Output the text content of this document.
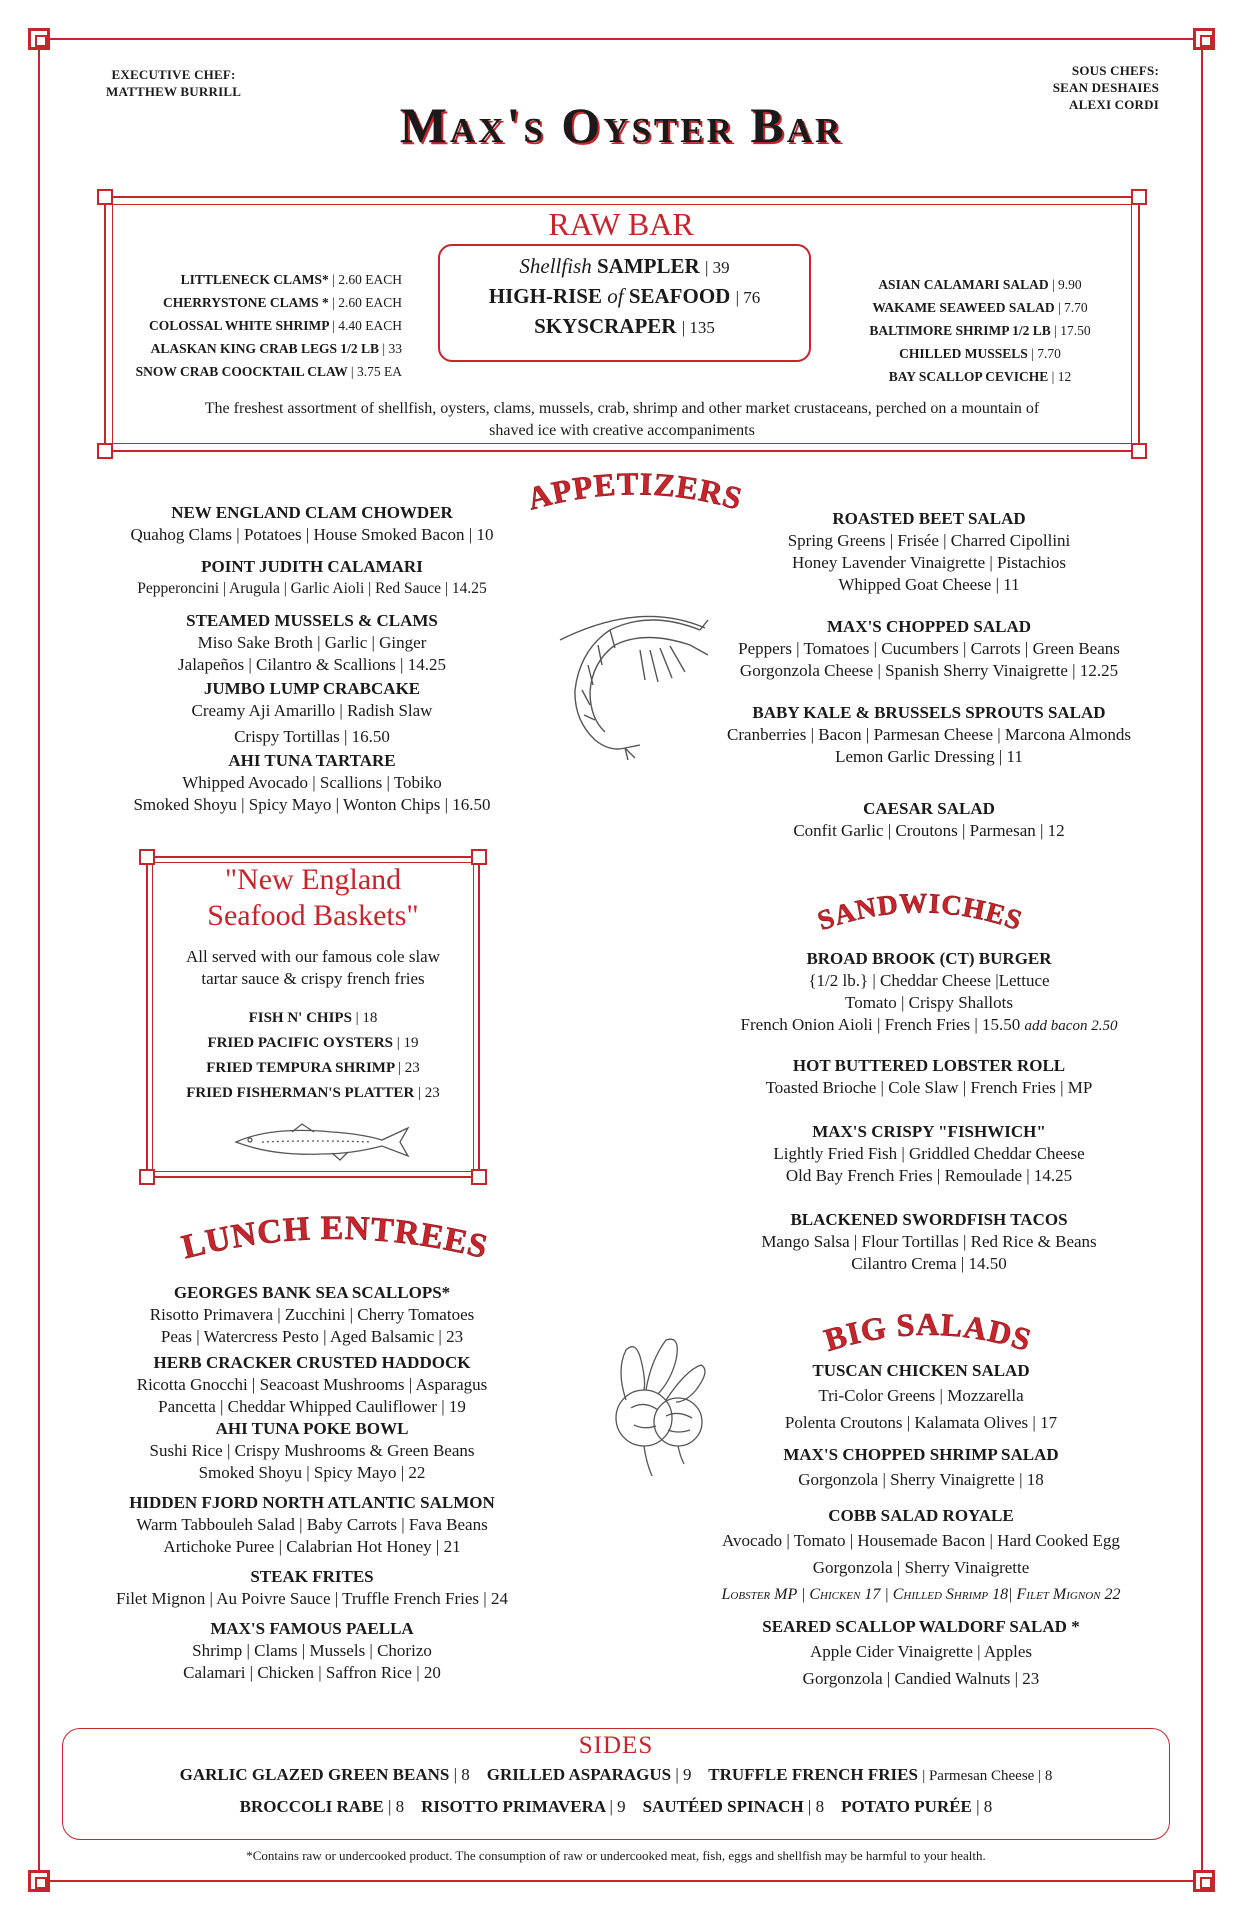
EXECUTIVE CHEF:
MATTHEW BURRILL
SOUS CHEFS:
SEAN DESHAIES
ALEXI CORDI
Max's Oyster Bar
RAW BAR
LITTLENECK CLAMS* | 2.60 EACH
CHERRYSTONE CLAMS * | 2.60 EACH
COLOSSAL WHITE SHRIMP | 4.40 EACH
ALASKAN KING CRAB LEGS 1/2 LB | 33
SNOW CRAB COOCKTAIL CLAW | 3.75 EA
Shellfish SAMPLER | 39
HIGH-RISE of SEAFOOD | 76
SKYSCRAPER | 135
ASIAN CALAMARI SALAD | 9.90
WAKAME SEAWEED SALAD | 7.70
BALTIMORE SHRIMP 1/2 LB | 17.50
CHILLED MUSSELS | 7.70
BAY SCALLOP CEVICHE | 12
The freshest assortment of shellfish, oysters, clams, mussels, crab, shrimp and other market crustaceans, perched on a mountain of
shaved ice with creative accompaniments
APPETIZERS
NEW ENGLAND CLAM CHOWDER
Quahog Clams | Potatoes | House Smoked Bacon | 10
POINT JUDITH CALAMARI
Pepperoncini | Arugula | Garlic Aioli | Red Sauce | 14.25
STEAMED MUSSELS & CLAMS
Miso Sake Broth | Garlic | Ginger
Jalapeños | Cilantro & Scallions | 14.25
JUMBO LUMP CRABCAKE
Creamy Aji Amarillo | Radish Slaw
Crispy Tortillas | 16.50
AHI TUNA TARTARE
Whipped Avocado | Scallions | Tobiko
Smoked Shoyu | Spicy Mayo | Wonton Chips | 16.50
ROASTED BEET SALAD
Spring Greens | Frisée | Charred Cipollini
Honey Lavender Vinaigrette | Pistachios
Whipped Goat Cheese | 11
MAX'S CHOPPED SALAD
Peppers | Tomatoes | Cucumbers | Carrots | Green Beans
Gorgonzola Cheese | Spanish Sherry Vinaigrette | 12.25
BABY KALE & BRUSSELS SPROUTS SALAD
Cranberries | Bacon | Parmesan Cheese | Marcona Almonds
Lemon Garlic Dressing | 11
CAESAR SALAD
Confit Garlic | Croutons | Parmesan | 12
"New England
Seafood Baskets"
All served with our famous cole slaw
tartar sauce & crispy french fries
FISH N' CHIPS | 18
FRIED PACIFIC OYSTERS | 19
FRIED TEMPURA SHRIMP | 23
FRIED FISHERMAN'S PLATTER | 23
SANDWICHES
BROAD BROOK (CT) BURGER
{1/2 lb.} | Cheddar Cheese |Lettuce
Tomato | Crispy Shallots
French Onion Aioli | French Fries | 15.50 add bacon 2.50
HOT BUTTERED LOBSTER ROLL
Toasted Brioche | Cole Slaw | French Fries | MP
MAX'S CRISPY "FISHWICH"
Lightly Fried Fish | Griddled Cheddar Cheese
Old Bay French Fries | Remoulade | 14.25
BLACKENED SWORDFISH TACOS
Mango Salsa | Flour Tortillas | Red Rice & Beans
Cilantro Crema | 14.50
LUNCH ENTREES
GEORGES BANK SEA SCALLOPS*
Risotto Primavera | Zucchini | Cherry Tomatoes
Peas | Watercress Pesto | Aged Balsamic | 23
HERB CRACKER CRUSTED HADDOCK
Ricotta Gnocchi | Seacoast Mushrooms | Asparagus
Pancetta | Cheddar Whipped Cauliflower | 19
AHI TUNA POKE BOWL
Sushi Rice | Crispy Mushrooms & Green Beans
Smoked Shoyu | Spicy Mayo | 22
HIDDEN FJORD NORTH ATLANTIC SALMON
Warm Tabbouleh Salad | Baby Carrots | Fava Beans
Artichoke Puree | Calabrian Hot Honey | 21
STEAK FRITES
Filet Mignon | Au Poivre Sauce | Truffle French Fries | 24
MAX'S FAMOUS PAELLA
Shrimp | Clams | Mussels | Chorizo
Calamari | Chicken | Saffron Rice | 20
BIG SALADS
TUSCAN CHICKEN SALAD
Tri-Color Greens | Mozzarella
Polenta Croutons | Kalamata Olives | 17
MAX'S CHOPPED SHRIMP SALAD
Gorgonzola | Sherry Vinaigrette | 18
COBB SALAD ROYALE
Avocado | Tomato | Housemade Bacon | Hard Cooked Egg
Gorgonzola | Sherry Vinaigrette
Lobster MP | Chicken 17 | Chilled Shrimp 18| Filet Mignon 22
SEARED SCALLOP WALDORF SALAD *
Apple Cider Vinaigrette | Apples
Gorgonzola | Candied Walnuts | 23
SIDES
GARLIC GLAZED GREEN BEANS | 8 GRILLED ASPARAGUS | 9 TRUFFLE FRENCH FRIES | Parmesan Cheese | 8
BROCCOLI RABE | 8 RISOTTO PRIMAVERA | 9 SAUTÉED SPINACH | 8 POTATO PURÉE | 8
*Contains raw or undercooked product. The consumption of raw or undercooked meat, fish, eggs and shellfish may be harmful to your health.
